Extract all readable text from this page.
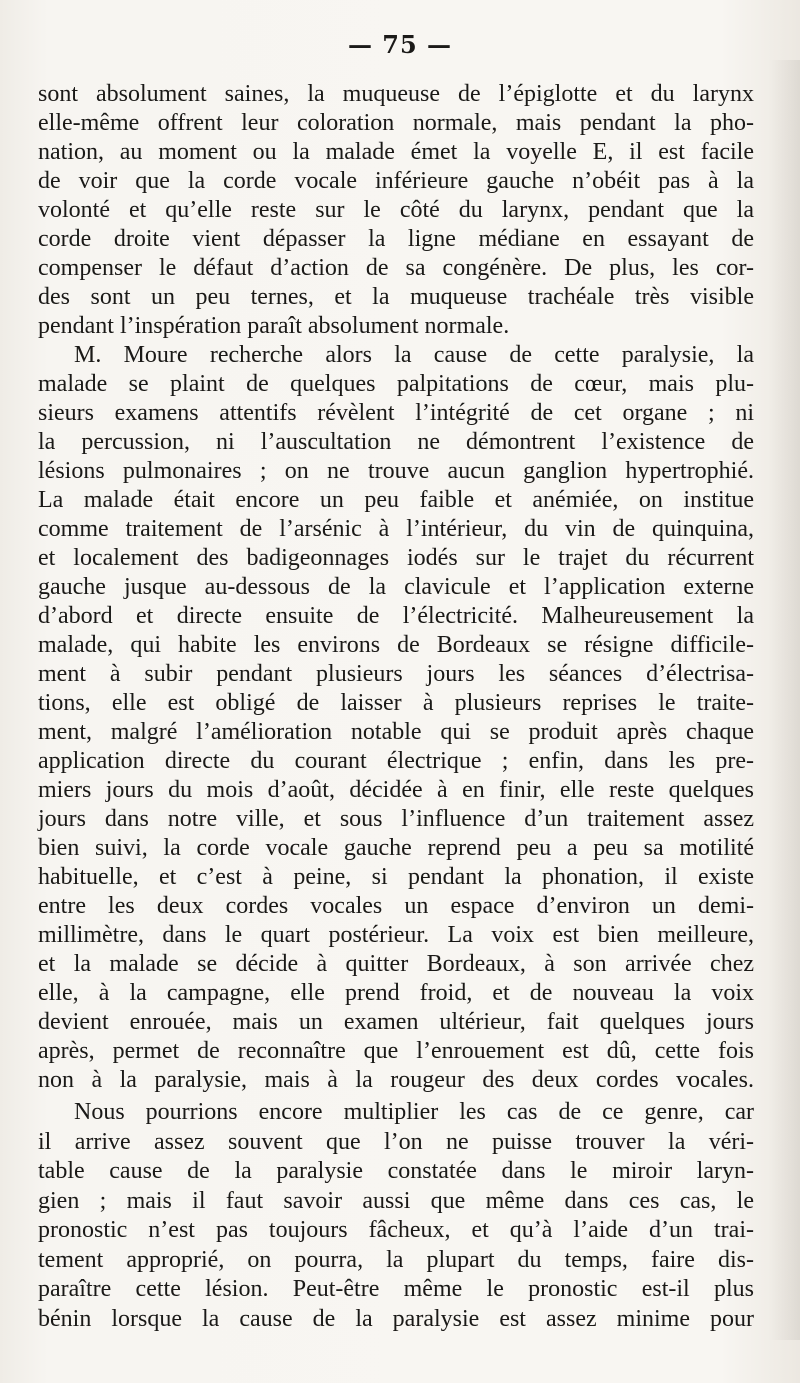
— 75 —
sont absolument saines, la muqueuse de l’épiglotte et du larynx
elle-même offrent leur coloration normale, mais pendant la pho-
nation, au moment ou la malade émet la voyelle E, il est facile
de voir que la corde vocale inférieure gauche n’obéit pas à la
volonté et qu’elle reste sur le côté du larynx, pendant que la
corde droite vient dépasser la ligne médiane en essayant de
compenser le défaut d’action de sa congénère. De plus, les cor-
des sont un peu ternes, et la muqueuse trachéale très visible
pendant l’inspération paraît absolument normale.
M. Moure recherche alors la cause de cette paralysie, la
malade se plaint de quelques palpitations de cœur, mais plu-
sieurs examens attentifs révèlent l’intégrité de cet organe ; ni
la percussion, ni l’auscultation ne démontrent l’existence de
lésions pulmonaires ; on ne trouve aucun ganglion hypertrophié.
La malade était encore un peu faible et anémiée, on institue
comme traitement de l’arsénic à l’intérieur, du vin de quinquina,
et localement des badigeonnages iodés sur le trajet du récurrent
gauche jusque au-dessous de la clavicule et l’application externe
d’abord et directe ensuite de l’électricité. Malheureusement la
malade, qui habite les environs de Bordeaux se résigne difficile-
ment à subir pendant plusieurs jours les séances d’électrisa-
tions, elle est obligé de laisser à plusieurs reprises le traite-
ment, malgré l’amélioration notable qui se produit après chaque
application directe du courant électrique ; enfin, dans les pre-
miers jours du mois d’août, décidée à en finir, elle reste quelques
jours dans notre ville, et sous l’influence d’un traitement assez
bien suivi, la corde vocale gauche reprend peu a peu sa motilité
habituelle, et c’est à peine, si pendant la phonation, il existe
entre les deux cordes vocales un espace d’environ un demi-
millimètre, dans le quart postérieur. La voix est bien meilleure,
et la malade se décide à quitter Bordeaux, à son arrivée chez
elle, à la campagne, elle prend froid, et de nouveau la voix
devient enrouée, mais un examen ultérieur, fait quelques jours
après, permet de reconnaître que l’enrouement est dû, cette fois
non à la paralysie, mais à la rougeur des deux cordes vocales.
Nous pourrions encore multiplier les cas de ce genre, car
il arrive assez souvent que l’on ne puisse trouver la véri-
table cause de la paralysie constatée dans le miroir laryn-
gien ; mais il faut savoir aussi que même dans ces cas, le
pronostic n’est pas toujours fâcheux, et qu’à l’aide d’un trai-
tement approprié, on pourra, la plupart du temps, faire dis-
paraître cette lésion. Peut-être même le pronostic est-il plus
bénin lorsque la cause de la paralysie est assez minime pour
